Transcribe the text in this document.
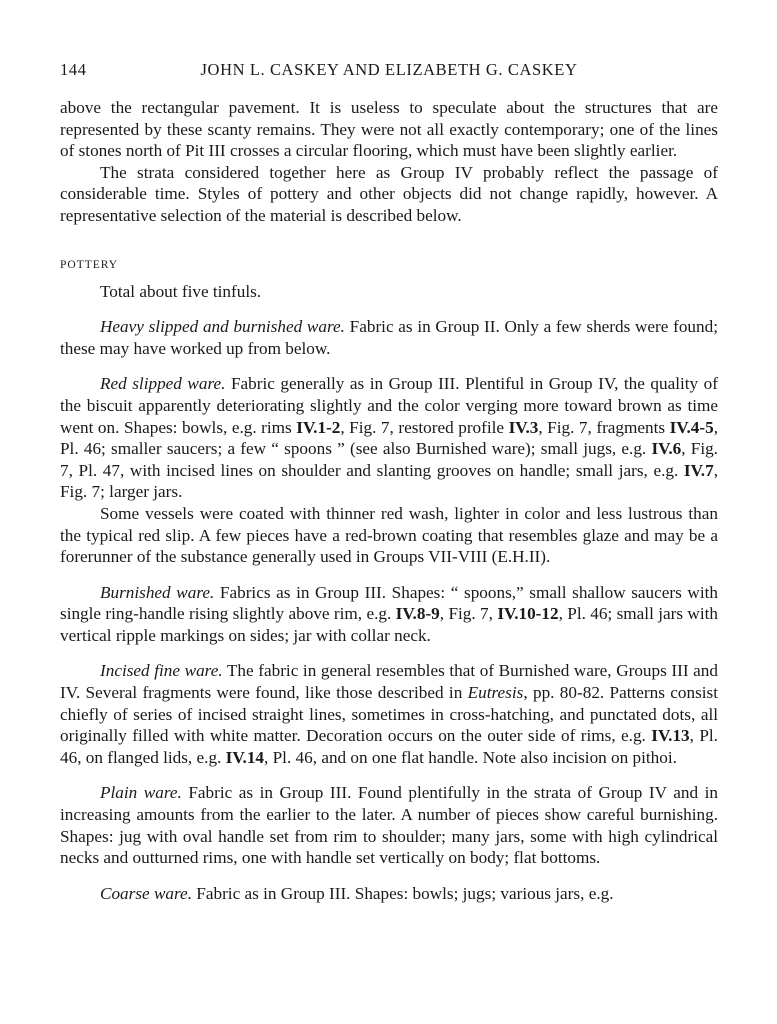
144	JOHN L. CASKEY AND ELIZABETH G. CASKEY

above the rectangular pavement. It is useless to speculate about the structures that are represented by these scanty remains. They were not all exactly contemporary; one of the lines of stones north of Pit III crosses a circular flooring, which must have been slightly earlier.

The strata considered together here as Group IV probably reflect the passage of considerable time. Styles of pottery and other objects did not change rapidly, however. A representative selection of the material is described below.

POTTERY

Total about five tinfuls.

Heavy slipped and burnished ware. Fabric as in Group II. Only a few sherds were found; these may have worked up from below.

Red slipped ware. Fabric generally as in Group III. Plentiful in Group IV, the quality of the biscuit apparently deteriorating slightly and the color verging more toward brown as time went on. Shapes: bowls, e.g. rims IV.1-2, Fig. 7, restored profile IV.3, Fig. 7, fragments IV.4-5, Pl. 46; smaller saucers; a few “ spoons ” (see also Burnished ware); small jugs, e.g. IV.6, Fig. 7, Pl. 47, with incised lines on shoulder and slanting grooves on handle; small jars, e.g. IV.7, Fig. 7; larger jars.

Some vessels were coated with thinner red wash, lighter in color and less lustrous than the typical red slip. A few pieces have a red-brown coating that resembles glaze and may be a forerunner of the substance generally used in Groups VII-VIII (E.H.II).

Burnished ware. Fabrics as in Group III. Shapes: “ spoons,” small shallow saucers with single ring-handle rising slightly above rim, e.g. IV.8-9, Fig. 7, IV.10-12, Pl. 46; small jars with vertical ripple markings on sides; jar with collar neck.

Incised fine ware. The fabric in general resembles that of Burnished ware, Groups III and IV. Several fragments were found, like those described in Eutresis, pp. 80-82. Patterns consist chiefly of series of incised straight lines, sometimes in cross-hatching, and punctated dots, all originally filled with white matter. Decoration occurs on the outer side of rims, e.g. IV.13, Pl. 46, on flanged lids, e.g. IV.14, Pl. 46, and on one flat handle. Note also incision on pithoi.

Plain ware. Fabric as in Group III. Found plentifully in the strata of Group IV and in increasing amounts from the earlier to the later. A number of pieces show careful burnishing. Shapes: jug with oval handle set from rim to shoulder; many jars, some with high cylindrical necks and outturned rims, one with handle set vertically on body; flat bottoms.

Coarse ware. Fabric as in Group III. Shapes: bowls; jugs; various jars, e.g.
